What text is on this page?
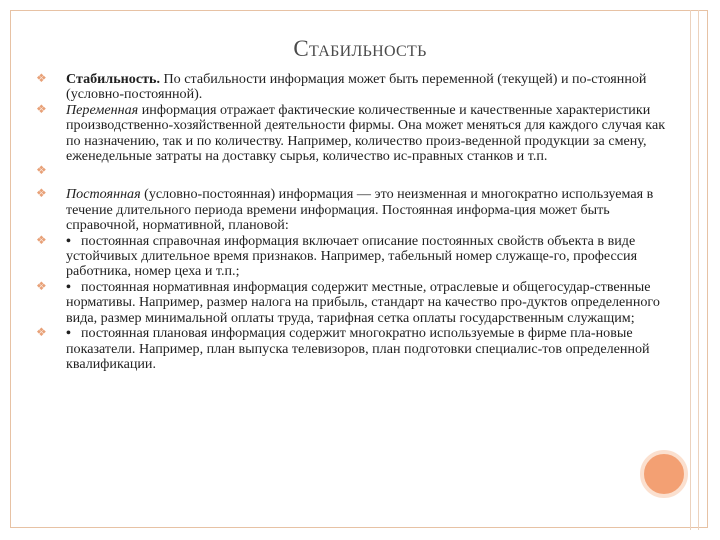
Стабильность
❖ Стабильность. По стабильности информация может быть переменной (текущей) и по-стоянной (условно-постоянной).

❖ Переменная информация отражает фактические количественные и качественные характеристики производственно-хозяйственной деятельности фирмы. Она может меняться для каждого случая как по назначению, так и по количеству. Например, количество произ-веденной продукции за смену, еженедельные затраты на доставку сырья, количество ис-правных станков и т.п.

❖
❖ Постоянная (условно-постоянная) информация — это неизменная и многократно используемая в течение длительного периода времени информация. Постоянная информа-ция может быть справочной, нормативной, плановой:

❖ • постоянная справочная информация включает описание постоянных свойств объекта в виде устойчивых длительное время признаков. Например, табельный номер служаще-го, профессия работника, номер цеха и т.п.;

❖ • постоянная нормативная информация содержит местные, отраслевые и общегосудар-ственные нормативы. Например, размер налога на прибыль, стандарт на качество про-дуктов определенного вида, размер минимальной оплаты труда, тарифная сетка оплаты государственным служащим;

❖ • постоянная плановая информация содержит многократно используемые в фирме пла-новые показатели. Например, план выпуска телевизоров, план подготовки специалис-тов определенной квалификации.
